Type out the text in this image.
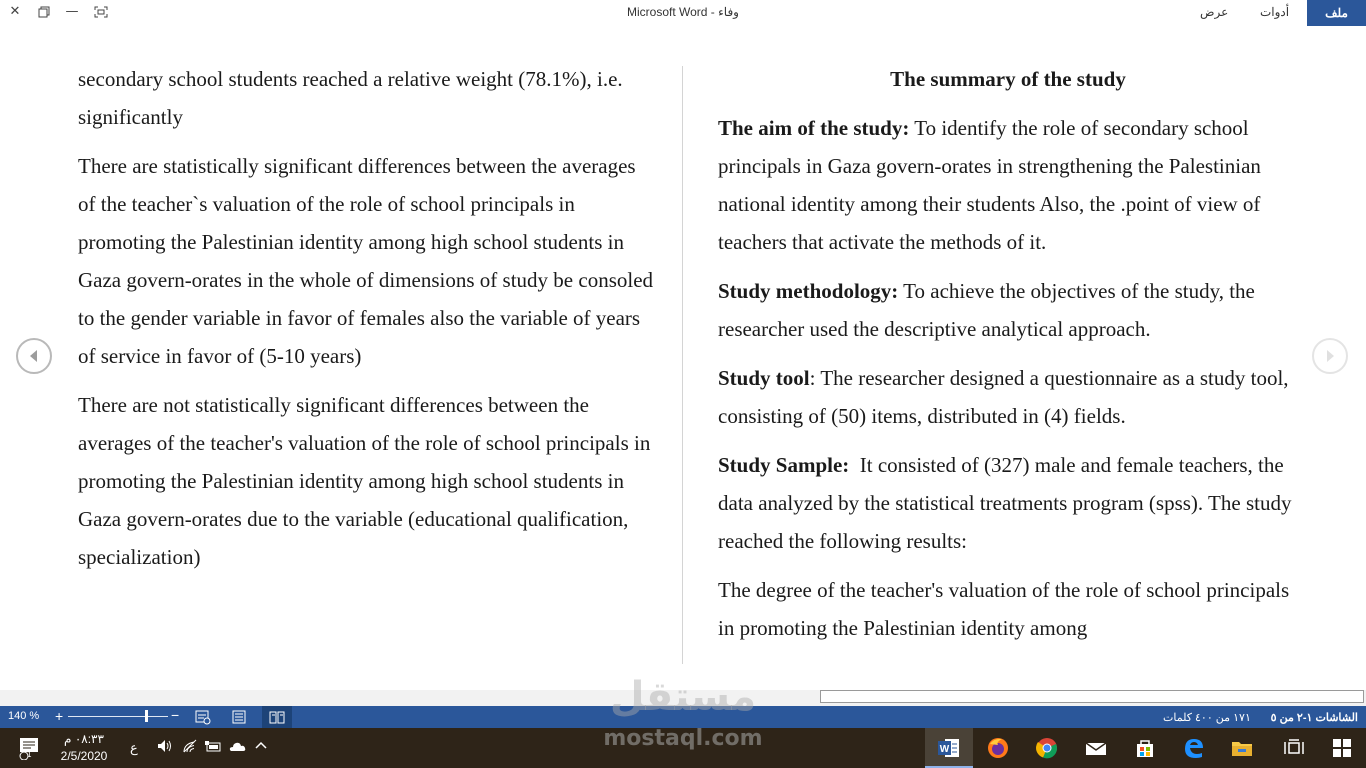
✕	—	Microsoft Word - وفاء	عرض	أدوات	ملف

secondary school students reached a relative weight (78.1%), i.e. significantly

There are statistically significant differences between the averages of the teacher`s valuation of the role of school principals in promoting the Palestinian identity among high school students in Gaza govern-orates in the whole of dimensions of study be consoled to the gender variable in favor of females also the variable of years of service in favor of (5-10 years)

There are not statistically significant differences between the averages of the teacher's valuation of the role of school principals in promoting the Palestinian identity among high school students in Gaza govern-orates due to the variable (educational qualification, specialization)

The summary of the study

The aim of the study: To identify the role of secondary school principals in Gaza govern-orates in strengthening the Palestinian national identity among their students Also, the .point of view of teachers that activate the methods of it.

Study methodology: To achieve the objectives of the study, the researcher used the descriptive analytical approach.

Study tool: The researcher designed a questionnaire as a study tool, consisting of (50) items, distributed in (4) fields.

Study Sample:  It consisted of (327) male and female teachers, the data analyzed by the statistical treatments program (spss). The study reached the following results:

The degree of the teacher's valuation of the role of school principals in promoting the Palestinian identity among

140 % +	−	١٧١ من ٤٠٠ كلمات الشاشات ١-٢ من ٥
1
٠٨:٣٣ م
2/5/2020
ع	W
مستقل
mostaql.com
